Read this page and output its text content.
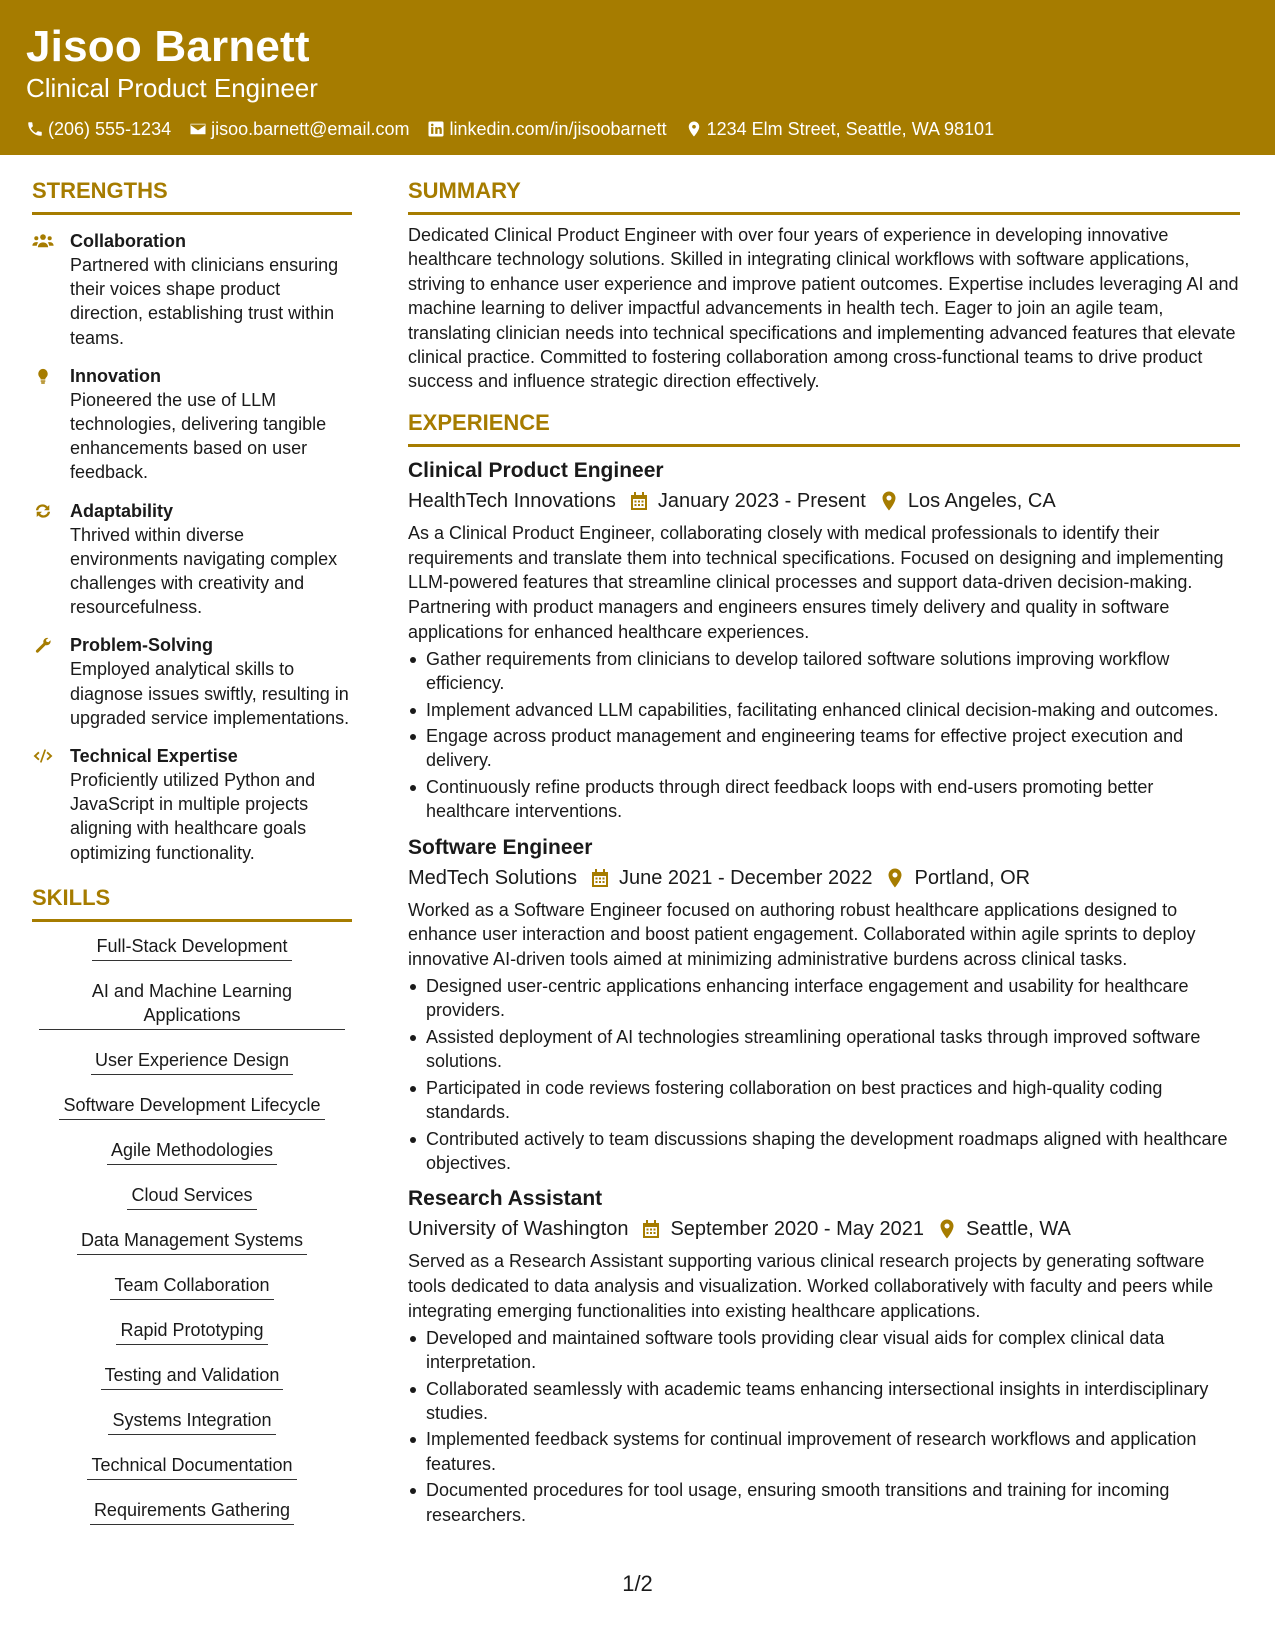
Jisoo Barnett
Clinical Product Engineer
(206) 555-1234 jisoo.barnett@email.com linkedin.com/in/jisoobarnett 1234 Elm Street, Seattle, WA 98101
STRENGTHS
Collaboration
Partnered with clinicians ensuring their voices shape product direction, establishing trust within teams.
Innovation
Pioneered the use of LLM technologies, delivering tangible enhancements based on user feedback.
Adaptability
Thrived within diverse environments navigating complex challenges with creativity and resourcefulness.
Problem-Solving
Employed analytical skills to diagnose issues swiftly, resulting in upgraded service implementations.
Technical Expertise
Proficiently utilized Python and JavaScript in multiple projects aligning with healthcare goals optimizing functionality.
SKILLS
Full-Stack Development
AI and Machine Learning Applications
User Experience Design
Software Development Lifecycle
Agile Methodologies
Cloud Services
Data Management Systems
Team Collaboration
Rapid Prototyping
Testing and Validation
Systems Integration
Technical Documentation
Requirements Gathering
SUMMARY
Dedicated Clinical Product Engineer with over four years of experience in developing innovative healthcare technology solutions. Skilled in integrating clinical workflows with software applications, striving to enhance user experience and improve patient outcomes. Expertise includes leveraging AI and machine learning to deliver impactful advancements in health tech. Eager to join an agile team, translating clinician needs into technical specifications and implementing advanced features that elevate clinical practice. Committed to fostering collaboration among cross-functional teams to drive product success and influence strategic direction effectively.
EXPERIENCE
Clinical Product Engineer
HealthTech Innovations January 2023 - Present Los Angeles, CA
As a Clinical Product Engineer, collaborating closely with medical professionals to identify their requirements and translate them into technical specifications. Focused on designing and implementing LLM-powered features that streamline clinical processes and support data-driven decision-making. Partnering with product managers and engineers ensures timely delivery and quality in software applications for enhanced healthcare experiences.
Gather requirements from clinicians to develop tailored software solutions improving workflow efficiency.
Implement advanced LLM capabilities, facilitating enhanced clinical decision-making and outcomes.
Engage across product management and engineering teams for effective project execution and delivery.
Continuously refine products through direct feedback loops with end-users promoting better healthcare interventions.
Software Engineer
MedTech Solutions June 2021 - December 2022 Portland, OR
Worked as a Software Engineer focused on authoring robust healthcare applications designed to enhance user interaction and boost patient engagement. Collaborated within agile sprints to deploy innovative AI-driven tools aimed at minimizing administrative burdens across clinical tasks.
Designed user-centric applications enhancing interface engagement and usability for healthcare providers.
Assisted deployment of AI technologies streamlining operational tasks through improved software solutions.
Participated in code reviews fostering collaboration on best practices and high-quality coding standards.
Contributed actively to team discussions shaping the development roadmaps aligned with healthcare objectives.
Research Assistant
University of Washington September 2020 - May 2021 Seattle, WA
Served as a Research Assistant supporting various clinical research projects by generating software tools dedicated to data analysis and visualization. Worked collaboratively with faculty and peers while integrating emerging functionalities into existing healthcare applications.
Developed and maintained software tools providing clear visual aids for complex clinical data interpretation.
Collaborated seamlessly with academic teams enhancing intersectional insights in interdisciplinary studies.
Implemented feedback systems for continual improvement of research workflows and application features.
Documented procedures for tool usage, ensuring smooth transitions and training for incoming researchers.
1/2
